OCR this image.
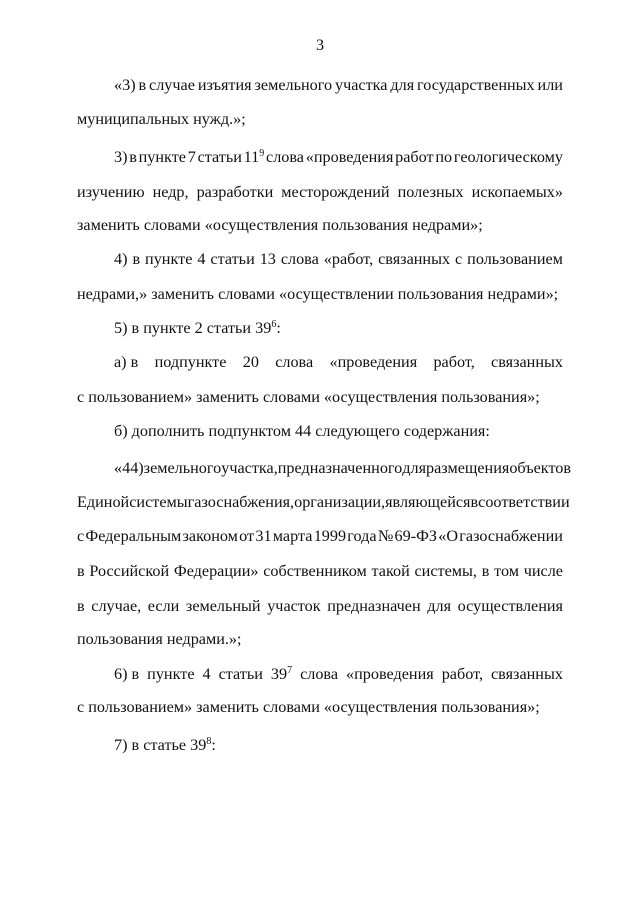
3
«3) в случае изъятия земельного участка для государственных или
муниципальных нужд.»;
3) в пункте 7 статьи $11^9$ слова «проведения работ по геологическому
изучению недр, разработки месторождений полезных ископаемых»
заменить словами «осуществления пользования недрами»;
4) в пункте 4 статьи 13 слова «работ, связанных с пользованием
недрами,» заменить словами «осуществлении пользования недрами»;
5) в пункте 2 статьи $39^6$:
а) в подпункте 20 слова «проведения работ, связанных
с пользованием» заменить словами «осуществления пользования»;
б) дополнить подпунктом 44 следующего содержания:
«44) земельного участка, предназначенного для размещения объектов
Единой системы газоснабжения, организации, являющейся в соответствии
с Федеральным законом от 31 марта 1999 года № 69-ФЗ «О газоснабжении
в Российской Федерации» собственником такой системы, в том числе
в случае, если земельный участок предназначен для осуществления
пользования недрами.»;
6) в пункте 4 статьи $39^7$ слова «проведения работ, связанных
с пользованием» заменить словами «осуществления пользования»;
7) в статье $39^8$:
